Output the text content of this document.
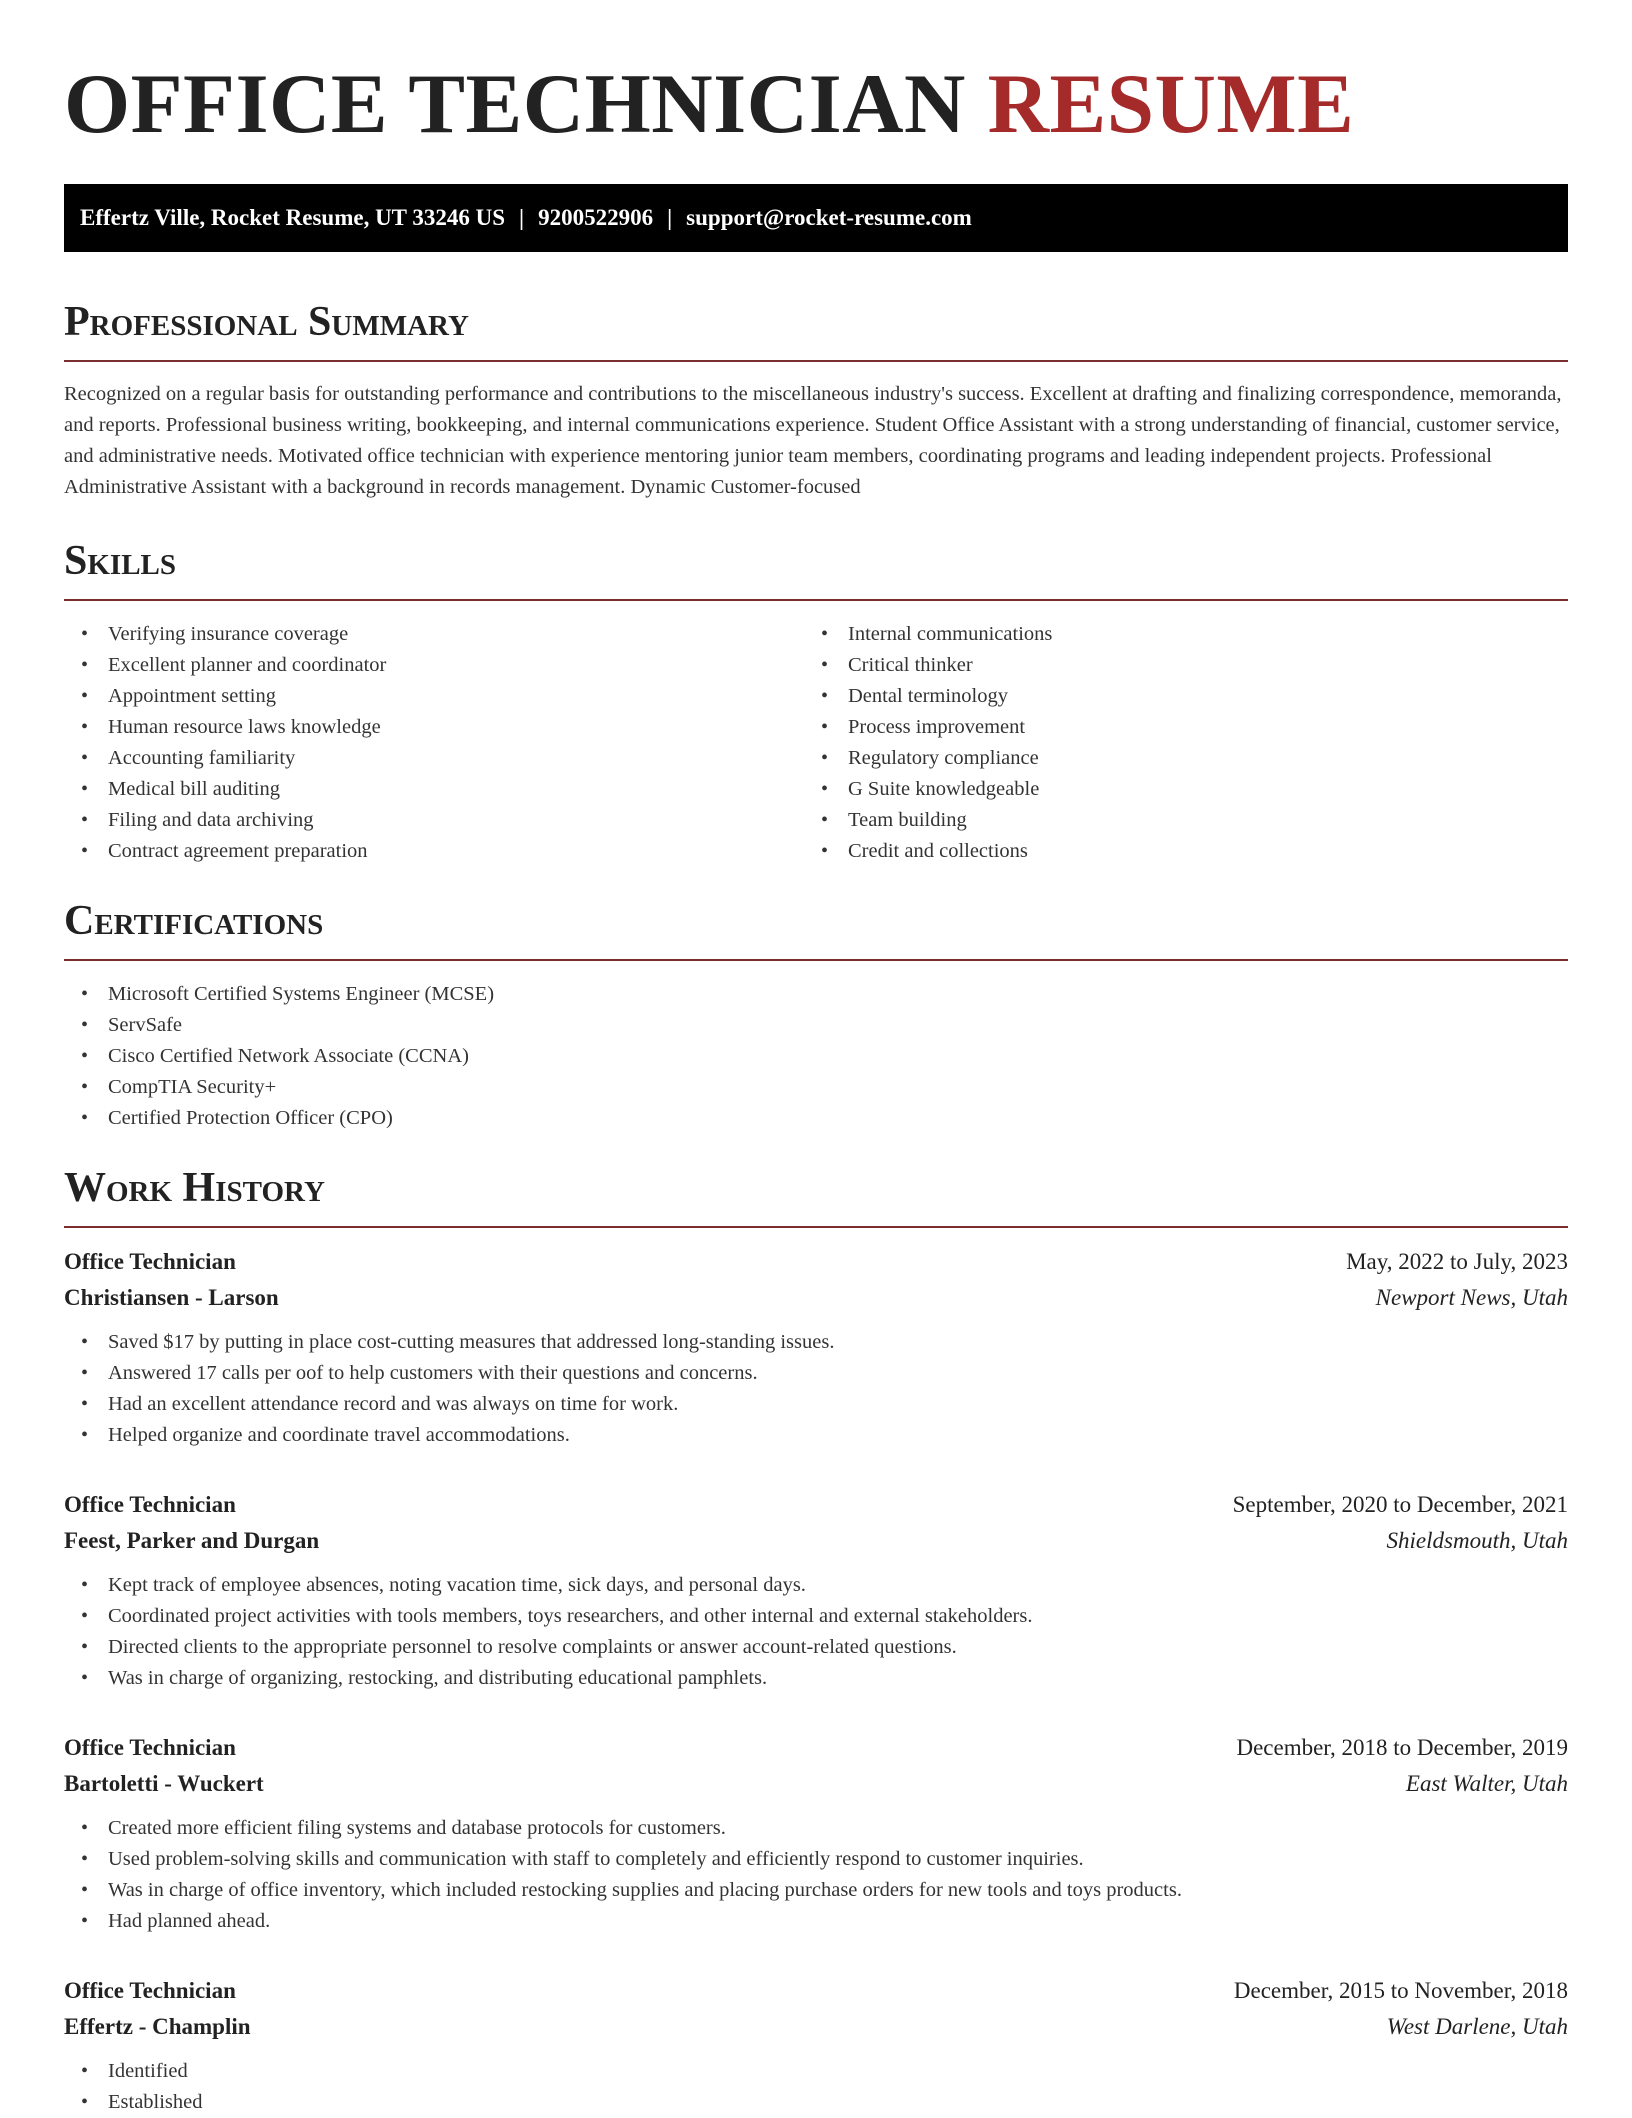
OFFICE TECHNICIAN RESUME
Effertz Ville, Rocket Resume, UT 33246 US | 9200522906 | support@rocket-resume.com
Professional Summary

Recognized on a regular basis for outstanding performance and contributions to the miscellaneous industry's success. Excellent at drafting and finalizing correspondence, memoranda, and reports. Professional business writing, bookkeeping, and internal communications experience. Student Office Assistant with a strong understanding of financial, customer service, and administrative needs. Motivated office technician with experience mentoring junior team members, coordinating programs and leading independent projects. Professional Administrative Assistant with a background in records management. Dynamic Customer-focused

Skills
• Verifying insurance coverage
• Excellent planner and coordinator
• Appointment setting
• Human resource laws knowledge
• Accounting familiarity
• Medical bill auditing
• Filing and data archiving
• Contract agreement preparation
• Internal communications
• Critical thinker
• Dental terminology
• Process improvement
• Regulatory compliance
• G Suite knowledgeable
• Team building
• Credit and collections
Certifications
• Microsoft Certified Systems Engineer (MCSE)
• ServSafe
• Cisco Certified Network Associate (CCNA)
• CompTIA Security+
• Certified Protection Officer (CPO)
Work History
Office Technician	May, 2022 to July, 2023
Christiansen - Larson	Newport News, Utah
• Saved $17 by putting in place cost-cutting measures that addressed long-standing issues.
• Answered 17 calls per oof to help customers with their questions and concerns.
• Had an excellent attendance record and was always on time for work.
• Helped organize and coordinate travel accommodations.
Office Technician	September, 2020 to December, 2021
Feest, Parker and Durgan	Shieldsmouth, Utah
• Kept track of employee absences, noting vacation time, sick days, and personal days.
• Coordinated project activities with tools members, toys researchers, and other internal and external stakeholders.
• Directed clients to the appropriate personnel to resolve complaints or answer account-related questions.
• Was in charge of organizing, restocking, and distributing educational pamphlets.
Office Technician	December, 2018 to December, 2019
Bartoletti - Wuckert	East Walter, Utah
• Created more efficient filing systems and database protocols for customers.
• Used problem-solving skills and communication with staff to completely and efficiently respond to customer inquiries.
• Was in charge of office inventory, which included restocking supplies and placing purchase orders for new tools and toys products.
• Had planned ahead.
Office Technician	December, 2015 to November, 2018
Effertz - Champlin	West Darlene, Utah
• Identified
• Established
